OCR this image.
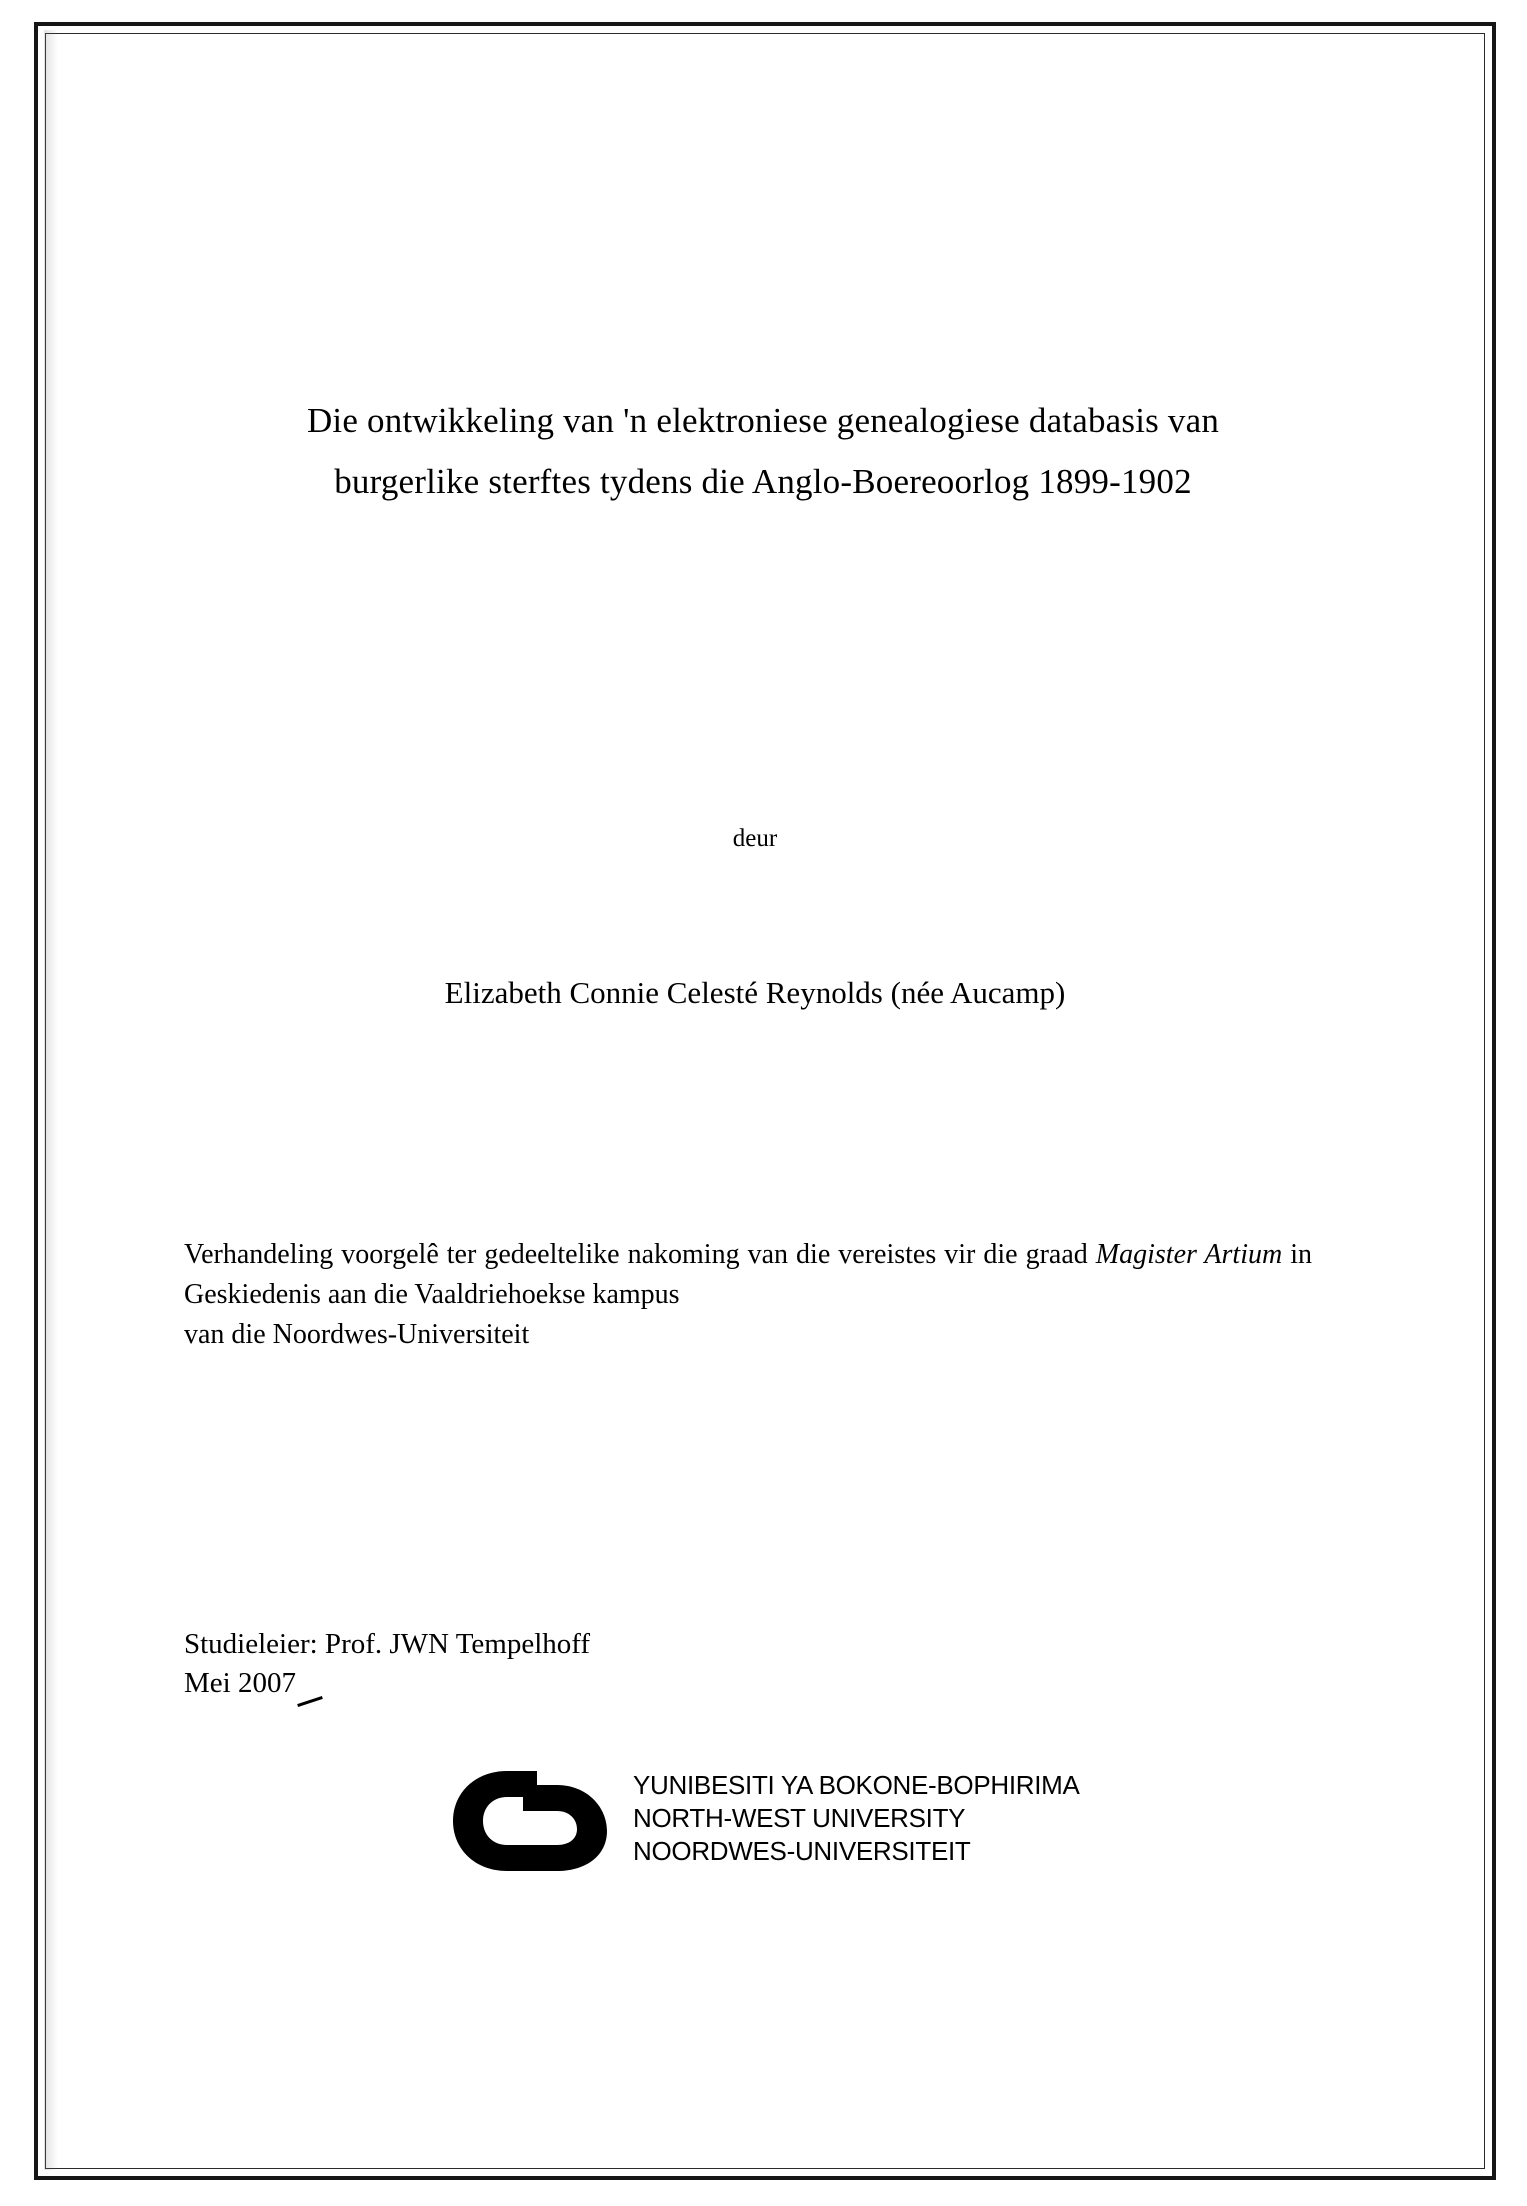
Die ontwikkeling van 'n elektroniese genealogiese databasis van
burgerlike sterftes tydens die Anglo-Boereoorlog 1899-1902
deur
Elizabeth Connie Celesté Reynolds (née Aucamp)
Verhandeling voorgelê ter gedeeltelike nakoming van die vereistes vir die graad Magister Artium in Geskiedenis aan die Vaaldriehoekse kampus
van die Noordwes-Universiteit
Studieleier: Prof. JWN Tempelhoff
Mei 2007
YUNIBESITI YA BOKONE-BOPHIRIMA
NORTH-WEST UNIVERSITY
NOORDWES-UNIVERSITEIT
